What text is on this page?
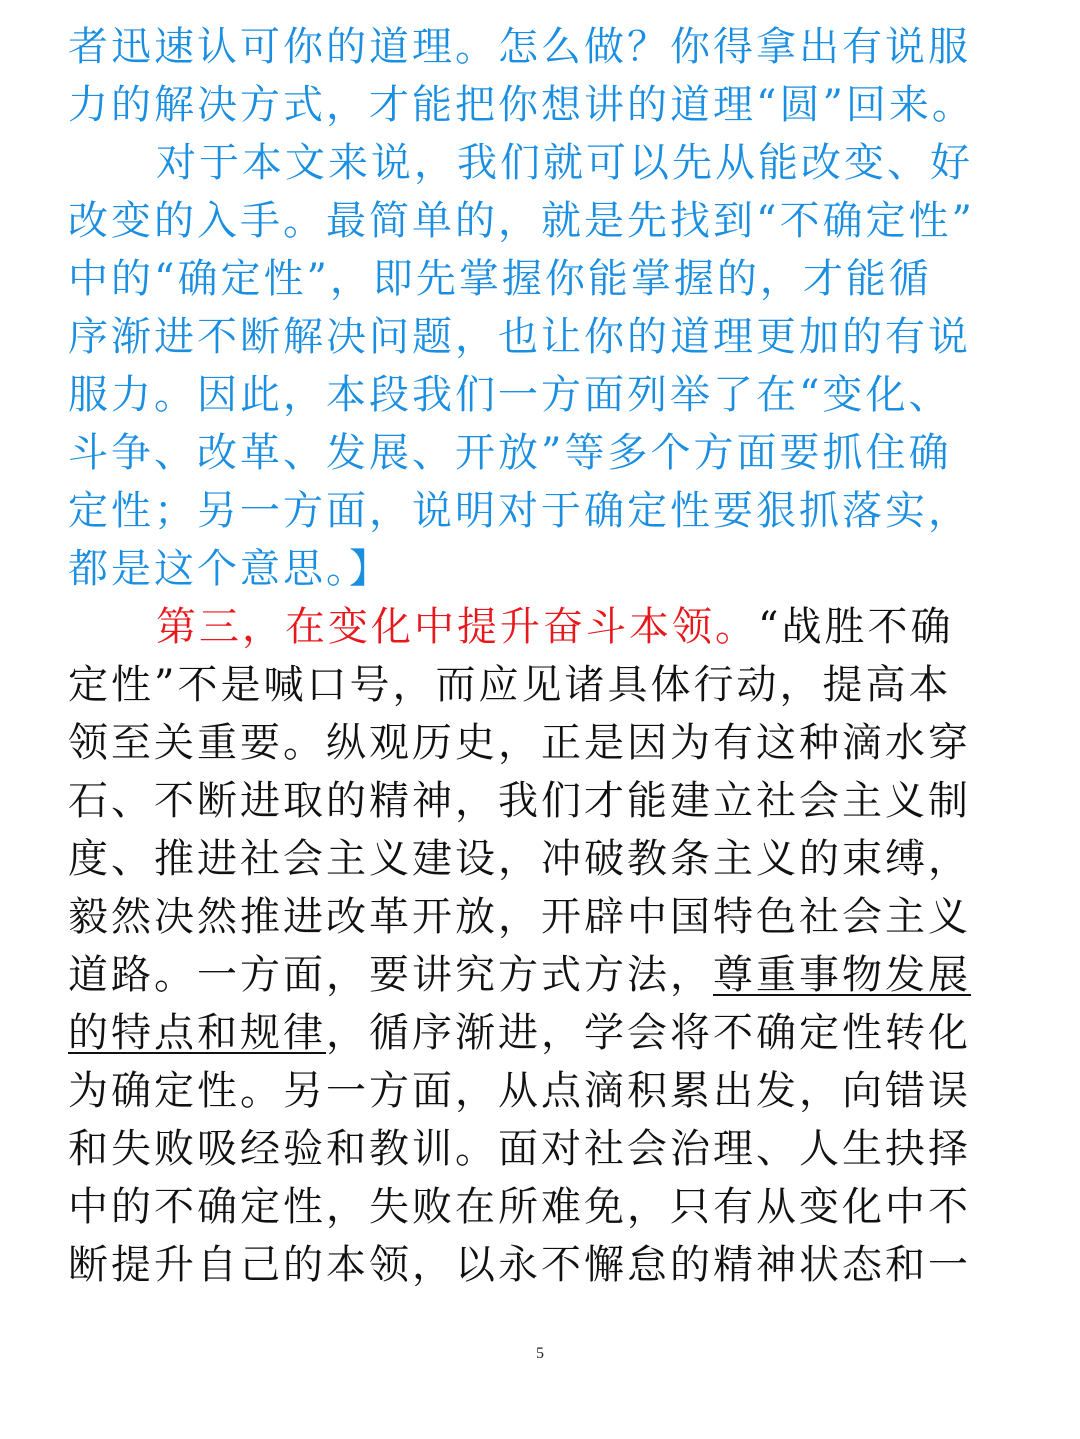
者迅速认可你的道理。怎么做？你得拿出有说服
力的解决方式，才能把你想讲的道理“圆”回来。
对于本文来说，我们就可以先从能改变、好
改变的入手。最简单的，就是先找到“不确定性”
中的“确定性”，即先掌握你能掌握的，才能循
序渐进不断解决问题，也让你的道理更加的有说
服力。因此，本段我们一方面列举了在“变化、
斗争、改革、发展、开放”等多个方面要抓住确
定性；另一方面，说明对于确定性要狠抓落实，
都是这个意思。】
第三，在变化中提升奋斗本领。“战胜不确
定性”不是喊口号，而应见诸具体行动，提高本
领至关重要。纵观历史，正是因为有这种滴水穿
石、不断进取的精神，我们才能建立社会主义制
度、推进社会主义建设，冲破教条主义的束缚，
毅然决然推进改革开放，开辟中国特色社会主义
道路。一方面，要讲究方式方法，尊重事物发展
的特点和规律，循序渐进，学会将不确定性转化
为确定性。另一方面，从点滴积累出发，向错误
和失败吸经验和教训。面对社会治理、人生抉择
中的不确定性，失败在所难免，只有从变化中不
断提升自己的本领，以永不懈怠的精神状态和一
5
